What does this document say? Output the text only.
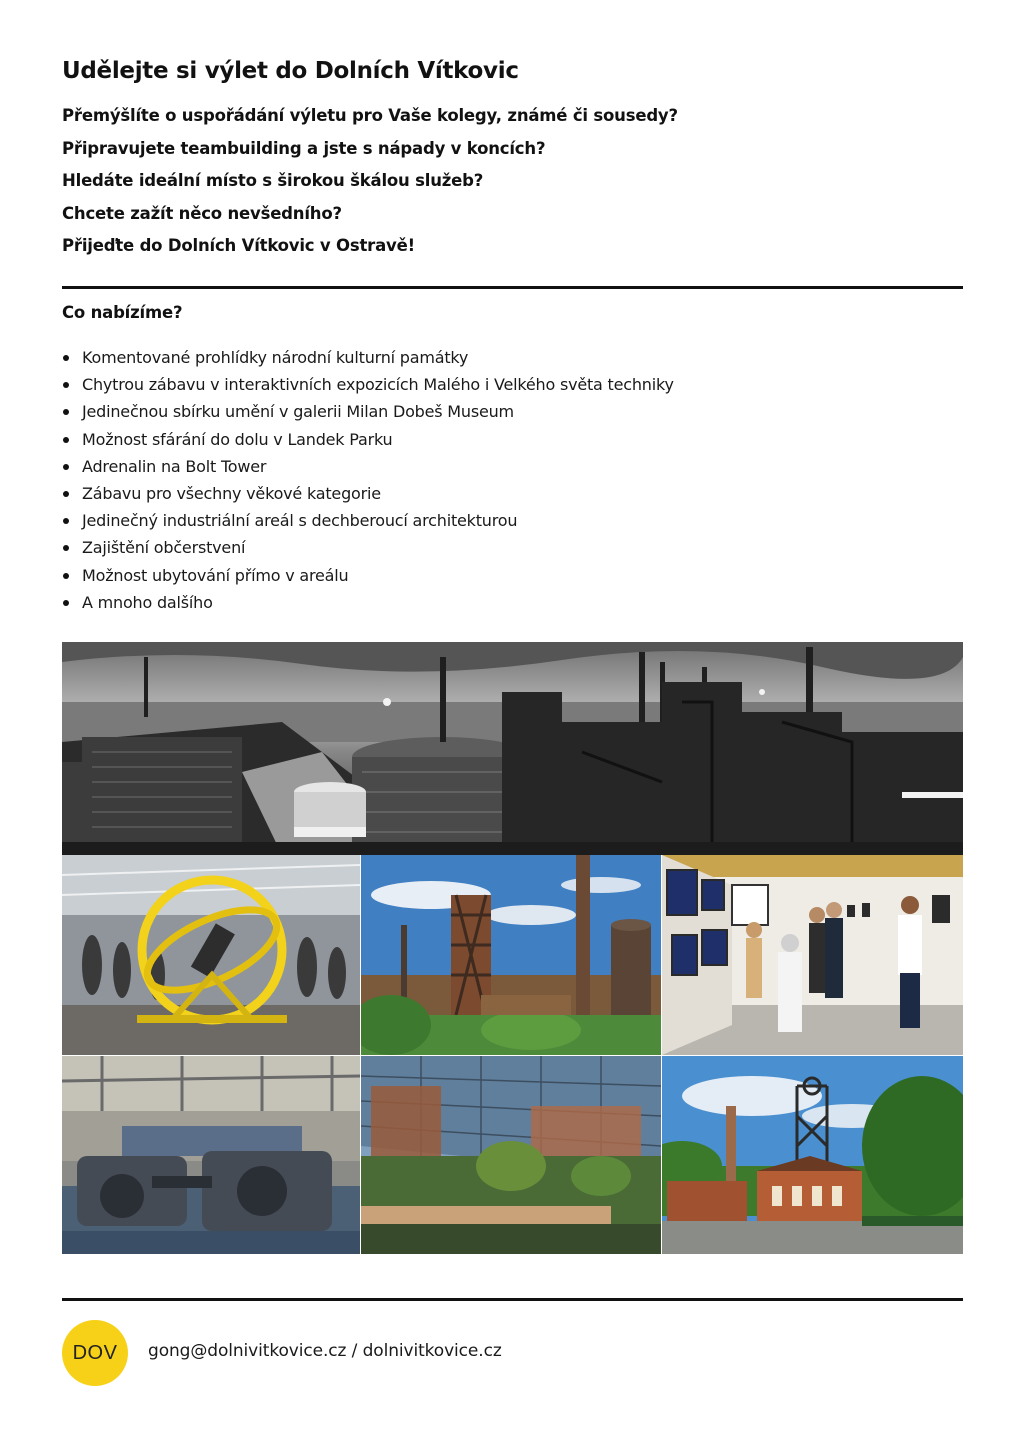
Udělejte si výlet do Dolních Vítkovic
Přemýšlíte o uspořádání výletu pro Vaše kolegy, známé či sousedy?
Připravujete teambuilding a jste s nápady v koncích?
Hledáte ideální místo s širokou škálou služeb?
Chcete zažít něco nevšedního?
Přijeďte do Dolních Vítkovic v Ostravě!
Co nabízíme?
Komentované prohlídky národní kulturní památky
Chytrou zábavu v interaktivních expozicích Malého i Velkého světa techniky
Jedinečnou sbírku umění v galerii Milan Dobeš Museum
Možnost sfárání do dolu v Landek Parku
Adrenalin na Bolt Tower
Zábavu pro všechny věkové kategorie
Jedinečný industriální areál s dechberoucí architekturou
Zajištění občerstvení
Možnost ubytování přímo v areálu
A mnoho dalšího
DOV gong@dolnivitkovice.cz / dolnivitkovice.cz
